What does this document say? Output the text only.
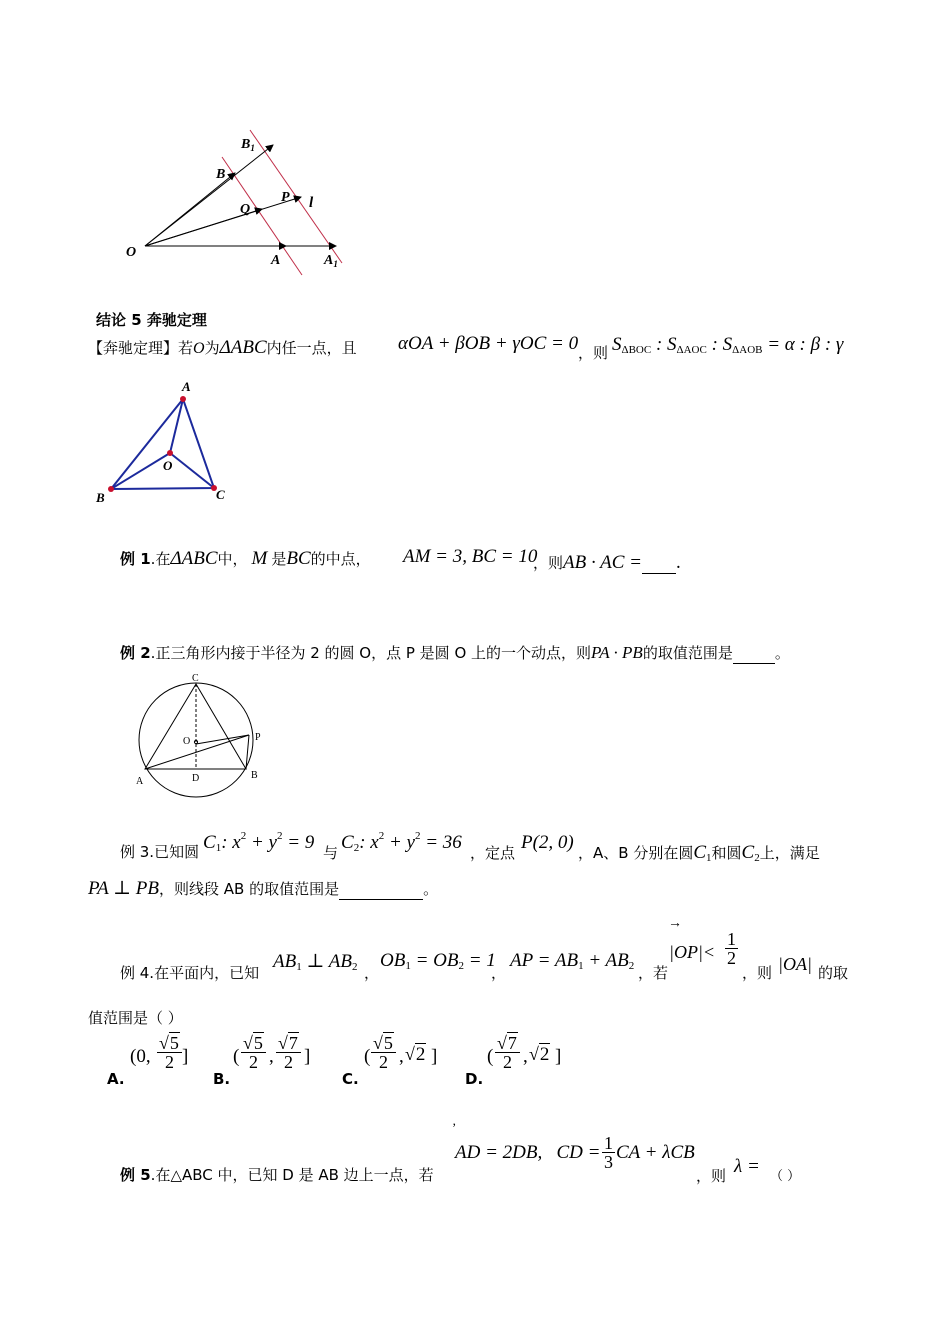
$B_1$
B
P l
Q
O
A	$A_1$
结论 5 奔驰定理
【奔驰定理】若O为ΔABC内任一点，且 αOA + βOB + γOC = 0 ，则 $S_{\Delta BOC}$ : $S_{\Delta AOC}$ : $S_{\Delta AOB} = \alpha$ : β : γ
A
O
B	C
例 1.在ΔABC中， M 是BC的中点， AM = 3, BC = 10
，则AB · AC = .
例 2.正三角形内接于半径为 2 的圆 O，点 P 是圆 O 上的一个动点，则PA · PB的取值范围是	。
C
O	P
A	D	B
例 3.已知圆 $C_1$: $x^2 + y^2 = 9$ 与 $C_2$: $x^2 + y^2 = 36$ ，定点 P(2, 0) ，A、B 分别在圆$C_1$和圆$C_2$上，满足
PA ⊥ PB，则线段 AB 的取值范围是	。
例 4.在平面内，已知
$AB_1$ ⊥ $AB_2$ ，
$OB_1 = OB_2 = 1$
，
AP = $AB_1 + AB_2$ ，若
→
$|OP|< \frac{1}{2}$
，则 |OA| 的取
值范围是（ ）
A.
(0, $\frac{√5}{2}$ ]
B.
( $\frac{√5}{2}$ , $\frac{√7}{2}$ ]
C.
( $\frac{√5}{2}$ , √2 ]
D.
( $\frac{√7}{2}$ , √2 ]
例 5.在△ABC 中，已知 D 是 AB 边上一点，若
’
AD = 2DB, CD = $\frac{1}{3}$ CA + λCB
，则 λ = （ ）
